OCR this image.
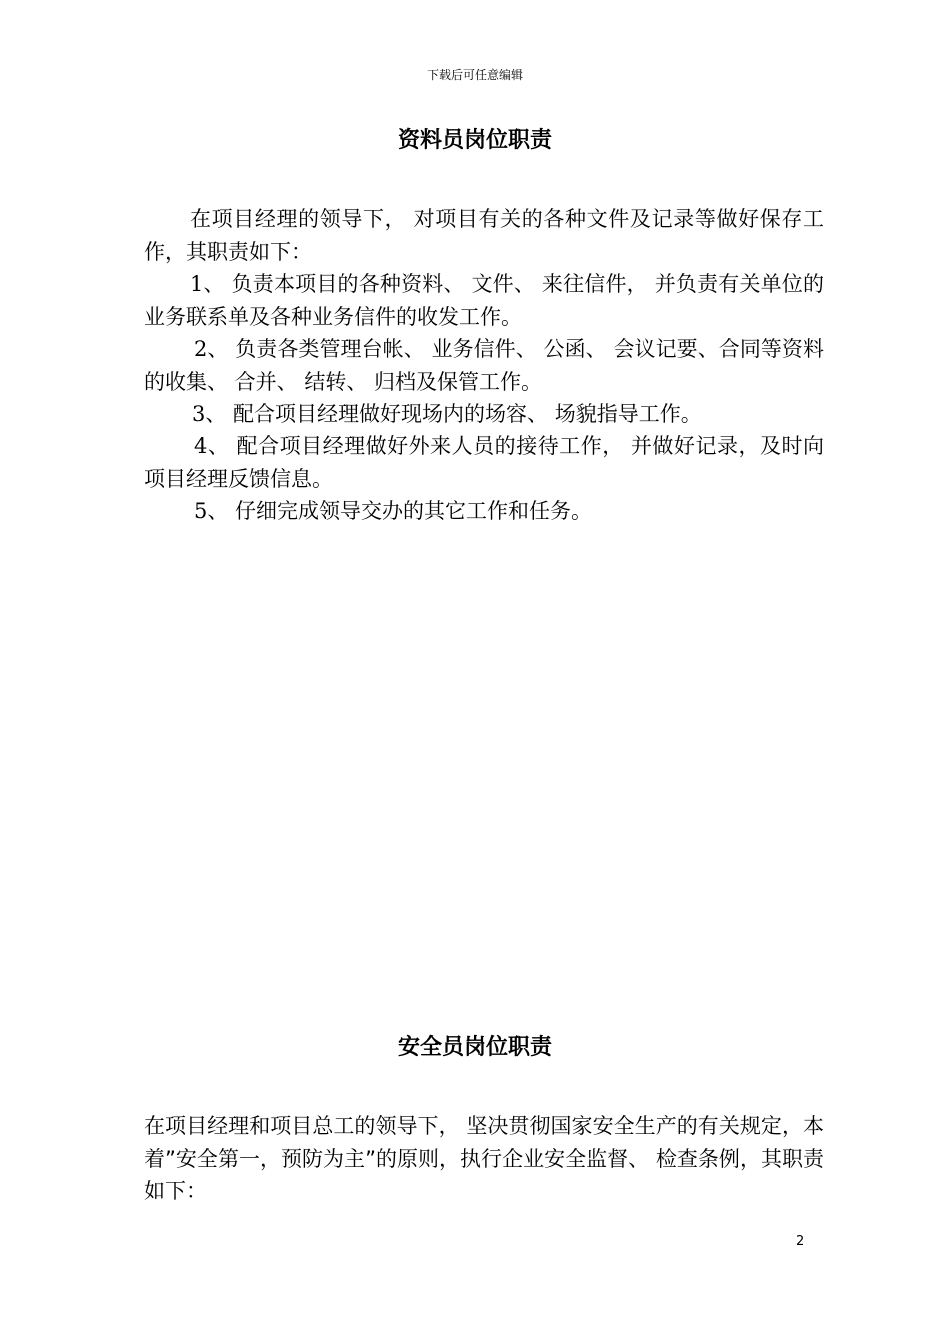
下载后可任意编辑
资料员岗位职责

在项目经理的领导下， 对项目有关的各种文件及记录等做好保存工作，其职责如下：

1、 负责本项目的各种资料、 文件、 来往信件， 并负责有关单位的业务联系单及各种业务信件的收发工作。

2、 负责各类管理台帐、 业务信件、 公函、 会议记要、合同等资料的收集、 合并、 结转、 归档及保管工作。

3、 配合项目经理做好现场内的场容、 场貌指导工作。

4、 配合项目经理做好外来人员的接待工作， 并做好记录，及时向项目经理反馈信息。

5、 仔细完成领导交办的其它工作和任务。

安全员岗位职责

在项目经理和项目总工的领导下， 坚决贯彻国家安全生产的有关规定，本着”安全第一，预防为主”的原则，执行企业安全监督、 检查条例，其职责如下：

2
